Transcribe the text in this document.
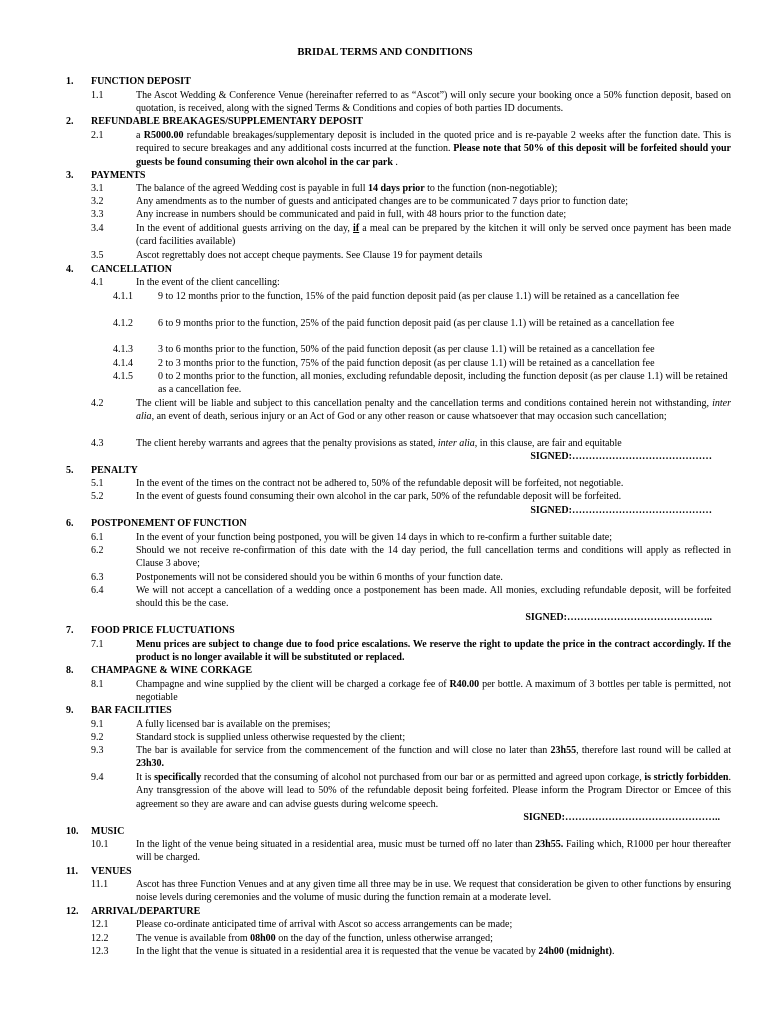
BRIDAL TERMS AND CONDITIONS
1. FUNCTION DEPOSIT
1.1	The Ascot Wedding & Conference Venue (hereinafter referred to as “Ascot”) will only secure your booking once a 50% function deposit, based on quotation, is received, along with the signed Terms & Conditions and copies of both parties ID documents.
2. REFUNDABLE BREAKAGES/SUPPLEMENTARY DEPOSIT
2.1	a R5000.00 refundable breakages/supplementary deposit is included in the quoted price and is re-payable 2 weeks after the function date. This is required to secure breakages and any additional costs incurred at the function. Please note that 50% of this deposit will be forfeited should your guests be found consuming their own alcohol in the car park .
3. PAYMENTS
3.1	The balance of the agreed Wedding cost is payable in full 14 days prior to the function (non-negotiable);
3.2	Any amendments as to the number of guests and anticipated changes are to be communicated 7 days prior to function date;
3.3	Any increase in numbers should be communicated and paid in full, with 48 hours prior to the function date;
3.4	In the event of additional guests arriving on the day, if a meal can be prepared by the kitchen it will only be served once payment has been made (card facilities available)
3.5	Ascot regrettably does not accept cheque payments. See Clause 19 for payment details
4. CANCELLATION
4.1	In the event of the client cancelling:
4.1.1	9 to 12 months prior to the function, 15% of the paid function deposit paid (as per clause 1.1) will be retained as a cancellation fee
4.1.2	6 to 9 months prior to the function, 25% of the paid function deposit paid (as per clause 1.1) will be retained as a cancellation fee
4.1.3	3 to 6 months prior to the function, 50% of the paid function deposit (as per clause 1.1) will be retained as a cancellation fee
4.1.4	2 to 3 months prior to the function, 75% of the paid function deposit (as per clause 1.1) will be retained as a cancellation fee
4.1.5	0 to 2 months prior to the function, all monies, excluding refundable deposit, including the function deposit (as per clause 1.1) will be retained as a cancellation fee.
4.2	The client will be liable and subject to this cancellation penalty and the cancellation terms and conditions contained herein not withstanding, inter alia, an event of death, serious injury or an Act of God or any other reason or cause whatsoever that may occasion such cancellation;
4.3	The client hereby warrants and agrees that the penalty provisions as stated, inter alia, in this clause, are fair and equitable
SIGNED:……………………………………
5. PENALTY
5.1	In the event of the times on the contract not be adhered to, 50% of the refundable deposit will be forfeited, not negotiable.
5.2	In the event of guests found consuming their own alcohol in the car park, 50% of the refundable deposit will be forfeited.
SIGNED:……………………………………
6. POSTPONEMENT OF FUNCTION
6.1	In the event of your function being postponed, you will be given 14 days in which to re-confirm a further suitable date;
6.2	Should we not receive re-confirmation of this date with the 14 day period, the full cancellation terms and conditions will apply as reflected in Clause 3 above;
6.3	Postponements will not be considered should you be within 6 months of your function date.
6.4	We will not accept a cancellation of a wedding once a postponement has been made. All monies, excluding refundable deposit, will be forfeited should this be the case.
SIGNED:……………………………………..
7. FOOD PRICE FLUCTUATIONS
7.1	Menu prices are subject to change due to food price escalations. We reserve the right to update the price in the contract accordingly. If the product is no longer available it will be substituted or replaced.
8. CHAMPAGNE & WINE CORKAGE
8.1	Champagne and wine supplied by the client will be charged a corkage fee of R40.00 per bottle. A maximum of 3 bottles per table is permitted, not negotiable
9. BAR FACILITIES
9.1	A fully licensed bar is available on the premises;
9.2	Standard stock is supplied unless otherwise requested by the client;
9.3	The bar is available for service from the commencement of the function and will close no later than 23h55, therefore last round will be called at 23h30.
9.4	It is specifically recorded that the consuming of alcohol not purchased from our bar or as permitted and agreed upon corkage, is strictly forbidden. Any transgression of the above will lead to 50% of the refundable deposit being forfeited. Please inform the Program Director or Emcee of this agreement so they are aware and can advise guests during welcome speech.
SIGNED:………………………………………..
10. MUSIC
10.1	In the light of the venue being situated in a residential area, music must be turned off no later than 23h55. Failing which, R1000 per hour thereafter will be charged.
11. VENUES
11.1	Ascot has three Function Venues and at any given time all three may be in use. We request that consideration be given to other functions by ensuring noise levels during ceremonies and the volume of music during the function remain at a moderate level.
12. ARRIVAL/DEPARTURE
12.1	Please co-ordinate anticipated time of arrival with Ascot so access arrangements can be made;
12.2	The venue is available from 08h00 on the day of the function, unless otherwise arranged;
12.3	In the light that the venue is situated in a residential area it is requested that the venue be vacated by 24h00 (midnight).
